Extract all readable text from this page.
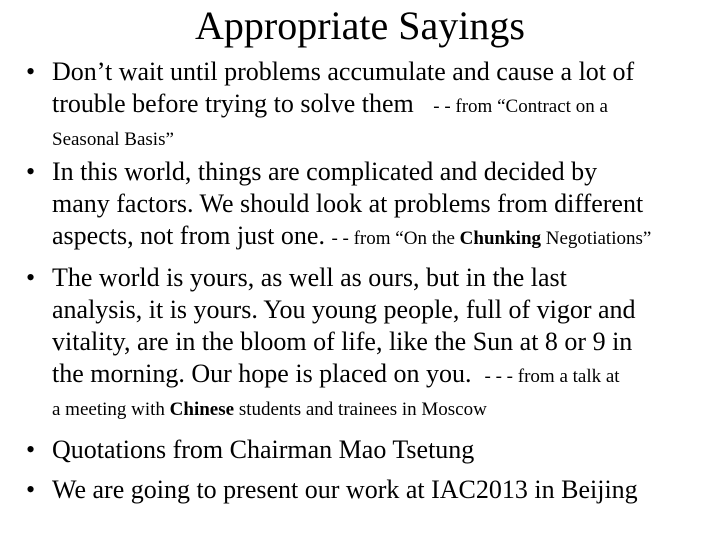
Appropriate Sayings
• Don’t wait until problems accumulate and cause a lot of
trouble before trying to solve them - - from “Contract on a
Seasonal Basis”
• In this world, things are complicated and decided by
many factors. We should look at problems from different
aspects, not from just one. - - from “On the Chunking Negotiations”
• The world is yours, as well as ours, but in the last
analysis, it is yours. You young people, full of vigor and
vitality, are in the bloom of life, like the Sun at 8 or 9 in
the morning. Our hope is placed on you. - - - from a talk at
a meeting with Chinese students and trainees in Moscow
• Quotations from Chairman Mao Tsetung
• We are going to present our work at IAC2013 in Beijing
